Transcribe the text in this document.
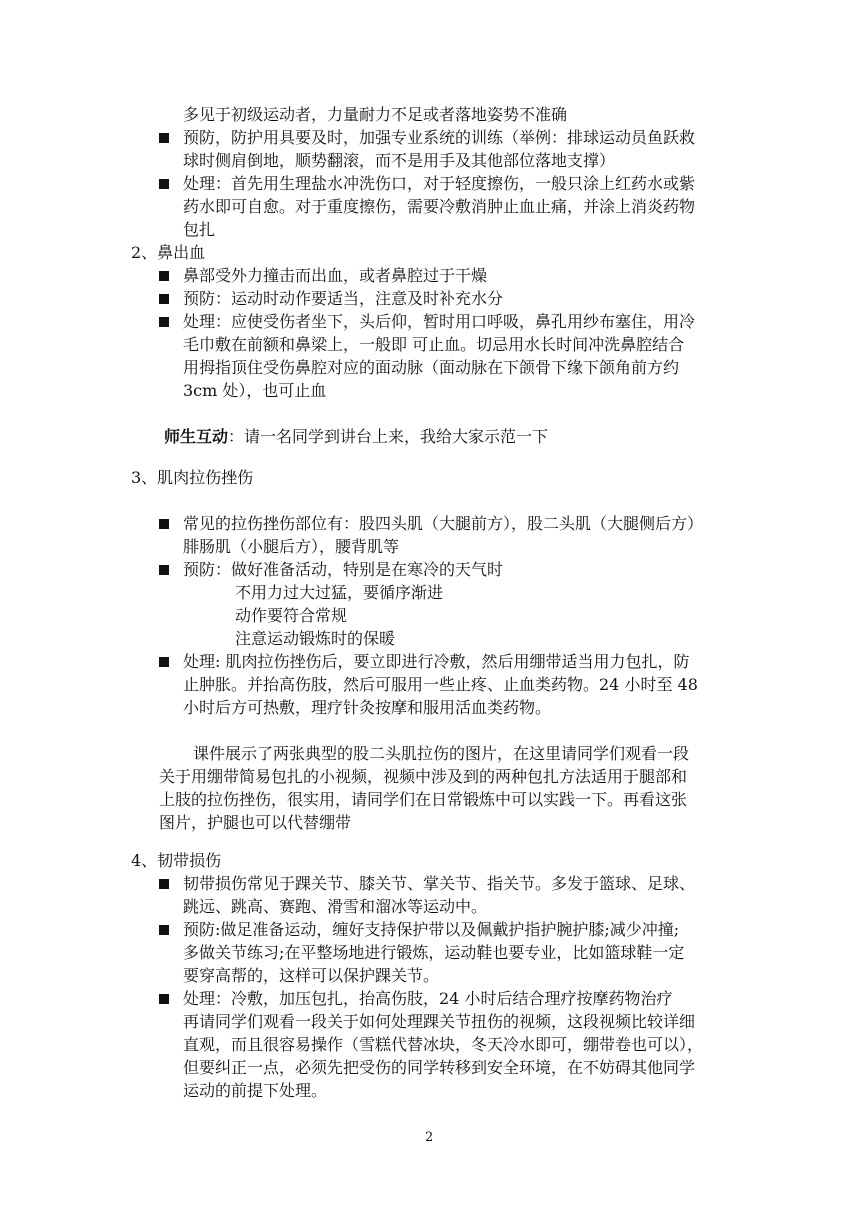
多见于初级运动者，力量耐力不足或者落地姿势不准确
预防，防护用具要及时，加强专业系统的训练（举例：排球运动员鱼跃救
球时侧肩倒地，顺势翻滚，而不是用手及其他部位落地支撑）
处理：首先用生理盐水冲洗伤口，对于轻度擦伤，一般只涂上红药水或紫
药水即可自愈。对于重度擦伤，需要冷敷消肿止血止痛，并涂上消炎药物
包扎
2、鼻出血
鼻部受外力撞击而出血，或者鼻腔过于干燥
预防：运动时动作要适当，注意及时补充水分
处理：应使受伤者坐下，头后仰，暂时用口呼吸，鼻孔用纱布塞住，用冷
毛巾敷在前额和鼻梁上，一般即 可止血。切忌用水长时间冲洗鼻腔结合
用拇指顶住受伤鼻腔对应的面动脉（面动脉在下颌骨下缘下颌角前方约
3cm 处），也可止血
师生互动：请一名同学到讲台上来，我给大家示范一下
3、肌肉拉伤挫伤
常见的拉伤挫伤部位有：股四头肌（大腿前方），股二头肌（大腿侧后方）
腓肠肌（小腿后方），腰背肌等
预防：做好准备活动，特别是在寒冷的天气时
不用力过大过猛，要循序渐进
动作要符合常规
注意运动锻炼时的保暖
处理: 肌肉拉伤挫伤后，要立即进行冷敷，然后用绷带适当用力包扎，防
止肿胀。并抬高伤肢，然后可服用一些止疼、止血类药物。24 小时至 48
小时后方可热敷，理疗针灸按摩和服用活血类药物。
课件展示了两张典型的股二头肌拉伤的图片，在这里请同学们观看一段
关于用绷带简易包扎的小视频，视频中涉及到的两种包扎方法适用于腿部和
上肢的拉伤挫伤，很实用，请同学们在日常锻炼中可以实践一下。再看这张
图片，护腿也可以代替绷带
4、韧带损伤
韧带损伤常见于踝关节、膝关节、掌关节、指关节。多发于篮球、足球、
跳远、跳高、赛跑、滑雪和溜冰等运动中。
预防:做足准备运动，缠好支持保护带以及佩戴护指护腕护膝;减少冲撞;
多做关节练习;在平整场地进行锻炼，运动鞋也要专业，比如篮球鞋一定
要穿高帮的，这样可以保护踝关节。
处理：冷敷，加压包扎，抬高伤肢，24 小时后结合理疗按摩药物治疗
再请同学们观看一段关于如何处理踝关节扭伤的视频，这段视频比较详细
直观，而且很容易操作（雪糕代替冰块，冬天冷水即可，绷带卷也可以），
但要纠正一点，必须先把受伤的同学转移到安全环境，在不妨碍其他同学
运动的前提下处理。
2
